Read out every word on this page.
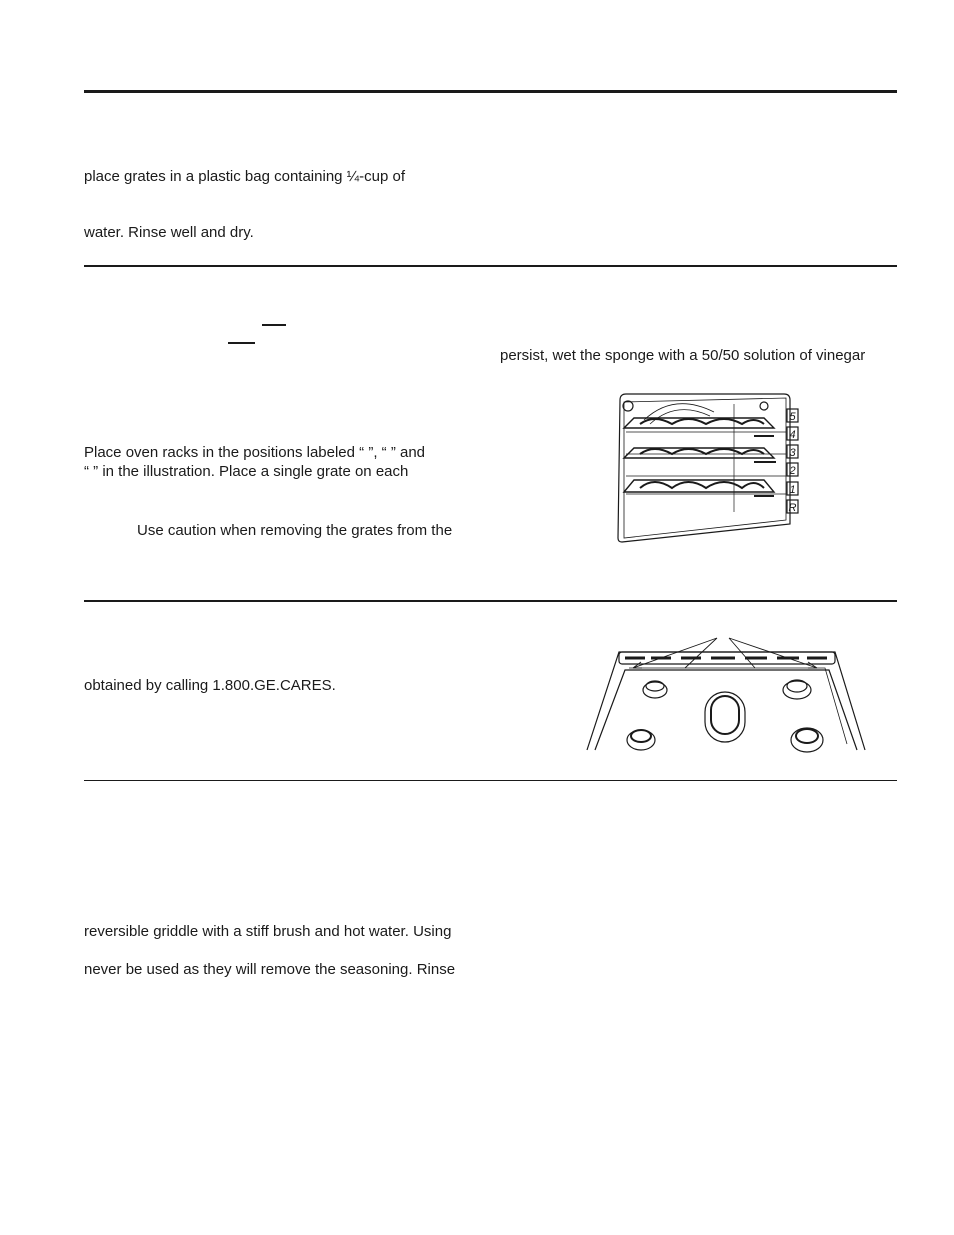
place grates in a plastic bag containing ¼-cup of
water. Rinse well and dry.
persist, wet the sponge with a 50/50 solution of vinegar
Place oven racks in the positions labeled “ ”, “ ” and
“ ” in the illustration. Place a single grate on each
Use caution when removing the grates from the
5
4
3
2
1
R
obtained by calling 1.800.GE.CARES.
reversible griddle with a stiff brush and hot water. Using
never be used as they will remove the seasoning. Rinse
